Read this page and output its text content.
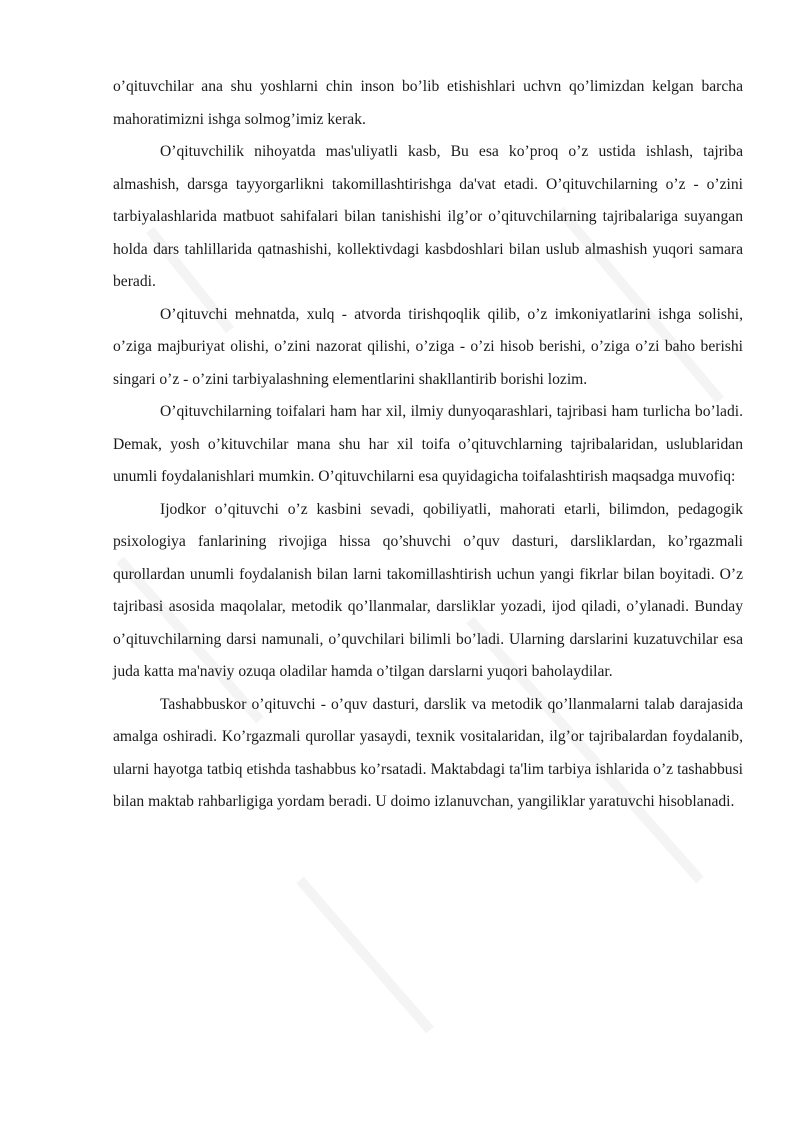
o’qituvchilar ana shu yoshlarni chin inson bo’lib etishishlari uchvn qo’limizdan kelgan barcha mahoratimizni ishga solmog’imiz kerak.

O’qituvchilik nihoyatda mas'uliyatli kasb, Bu esa ko’proq o’z ustida ishlash, tajriba almashish, darsga tayyorgarlikni takomillashtirishga da'vat etadi. O’qituvchilarning o’z - o’zini tarbiyalashlarida matbuot sahifalari bilan tanishishi ilg’or o’qituvchilarning tajribalariga suyangan holda dars tahlillarida qatnashishi, kollektivdagi kasbdoshlari bilan uslub almashish yuqori samara beradi.

O’qituvchi mehnatda, xulq - atvorda tirishqoqlik qilib, o’z imkoniyatlarini ishga solishi, o’ziga majburiyat olishi, o’zini nazorat qilishi, o’ziga - o’zi hisob berishi, o’ziga o’zi baho berishi singari o’z - o’zini tarbiyalashning elementlarini shakllantirib borishi lozim.

O’qituvchilarning toifalari ham har xil, ilmiy dunyoqarashlari, tajribasi ham turlicha bo’ladi. Demak, yosh o’kituvchilar mana shu har xil toifa o’qituvchlarning tajribalaridan, uslublaridan unumli foydalanishlari mumkin. O’qituvchilarni esa quyidagicha toifalashtirish maqsadga muvofiq:

Ijodkor o’qituvchi o’z kasbini sevadi, qobiliyatli, mahorati etarli, bilimdon, pedagogik psixologiya fanlarining rivojiga hissa qo’shuvchi o’quv dasturi, darsliklardan, ko’rgazmali qurollardan unumli foydalanish bilan larni takomillashtirish uchun yangi fikrlar bilan boyitadi. O’z tajribasi asosida maqolalar, metodik qo’llanmalar, darsliklar yozadi, ijod qiladi, o’ylanadi. Bunday o’qituvchilarning darsi namunali, o’quvchilari bilimli bo’ladi. Ularning darslarini kuzatuvchilar esa juda katta ma'naviy ozuqa oladilar hamda o’tilgan darslarni yuqori baholaydilar.

Tashabbuskor o’qituvchi - o’quv dasturi, darslik va metodik qo’llanmalarni talab darajasida amalga oshiradi. Ko’rgazmali qurollar yasaydi, texnik vositalaridan, ilg’or tajribalardan foydalanib, ularni hayotga tatbiq etishda tashabbus ko’rsatadi. Maktabdagi ta'lim tarbiya ishlarida o’z tashabbusi bilan maktab rahbarligiga yordam beradi. U doimo izlanuvchan, yangiliklar yaratuvchi hisoblanadi.
